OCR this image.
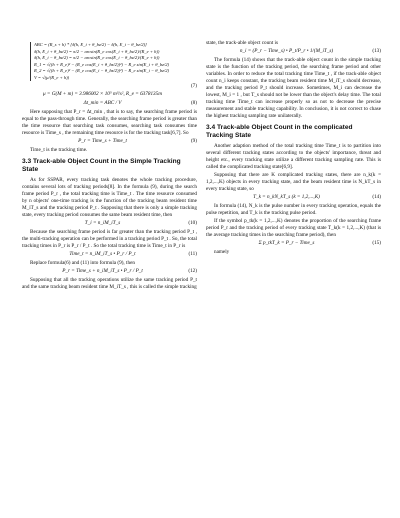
ABC = (R_s + h) * [δ(h, E_i + θ_bz/2) − δ(h, E_i − θ_bz/2)]
δ(h, E_i + θ_bz/2) = π/2 − arcsin(R_e cos(E_i + θ_bz/2)/(R_e + h))
δ(h, E_i − θ_bz/2) = π/2 − arcsin(R_e cos(E_i − θ_bz/2)/(R_e + h))
R_1 = √((h + R_e)² − (R_e cos(E_i + θ_bz/2))²) − R_e sin(E_i + θ_bz/2)
R_2 = √((h + R_e)² − (R_e cos(E_i − θ_bz/2))²) − R_e sin(E_i − θ_bz/2)
V = √(μ/(R_e + h))
(7)
μ = G(M + m) = 3.986002 × 10⁵ m³/s², R_e = 6378135m
Δt_min = ABC / V	(8)

Here supposing that P_r = Δt_min , that is to say, the searching frame period is equal to the pass-through time. Generally, the searching frame period is greater than the time resource that searching task consumes, searching task consumes time resource is Time_s , the remaining time resource is for the tracking task[6,7]. So

P_r = Time_s + Time_t	(9)

Time_t is the tracking time.

3.3 Track-able Object Count in the Simple Tracking State

As for SSPAR, every tracking task denotes the whole tracking procedure, contains several lots of tracking periods[8]. In the formula (9), during the search frame period P_r , the total tracking time is Time_t . The time resource consumed by n objects' one-time tracking is the function of the tracking beam resident time M_iT_s and the tracking period P_t . Supposing that there is only a simple tracking state, every tracking period consumes the same beam resident time, then

T_i = n_iM_iT_s	(10)

Because the searching frame period is far greater than the tracking period P_t , the multi-tracking operation can be performed in a tracking period P_t . So, the total tracking times in P_r is P_r / P_t . So the total tracking time is Time_t in P_r is

Time_t = n_iM_iT_s • P_r / P_t	(11)

Replace formula(6) and (11) into formula (9), then

P_r = Time_s + n_iM_iT_s • P_r / P_t	(12)

Supposing that all the tracking operations utilize the same tracking period P_t and the same tracking beam resident time M_iT_s , this is called the simple tracking

state, the track-able object count is

n_i = (P_r − Time_s) • P_t/P_r • 1/(M_iT_s)	(13)

The formula (14) shows that the track-able object count in the simple tracking state is the function of the tracking period, the searching frame period and other variables. In order to reduce the total tracking time Time_t , if the track-able object count n_i keeps constant, the tracking beam resident time M_iT_s should decrease, and the tracking period P_t should increase. Sometimes, M_i can decrease the lowest, M_i = 1 , but T_s should not be lower than the object's delay time. The total tracking time Time_t can increase properly so as not to decrease the precise measurement and stable tracking capability. In conclusion, it is not correct to chase the highest tracking sampling rate unilaterally.

3.4 Track-able Object Count in the complicated Tracking State

Another adaption method of the total tracking time Time_t is to partition into several different tracking states according to the objects' importance, threat and height etc., every tracking state utilize a different tracking sampling rate. This is called the complicated tracking state[6,9].

Supposing that there are K complicated tracking states, there are n_k(k = 1,2,...,K) objects in every tracking state, and the beam resident time is N_kT_s in every tracking state, so

T_k = n_kN_kT_s (k = 1,2,...,K)	(14)

In formula (14), N_k is the pulse number in every tracking operation, equals the pulse repetition, and T_k is the tracking pulse period.

If the symbol p_tk(k = 1,2,...,K) denotes the proportion of the searching frame period P_r and the tracking period of every tracking state T_k(k = 1,2,...,K) (that is the average tracking times in the searching frame period), then

Σ p_tkT_k = P_r − Time_s	(15)

namely
